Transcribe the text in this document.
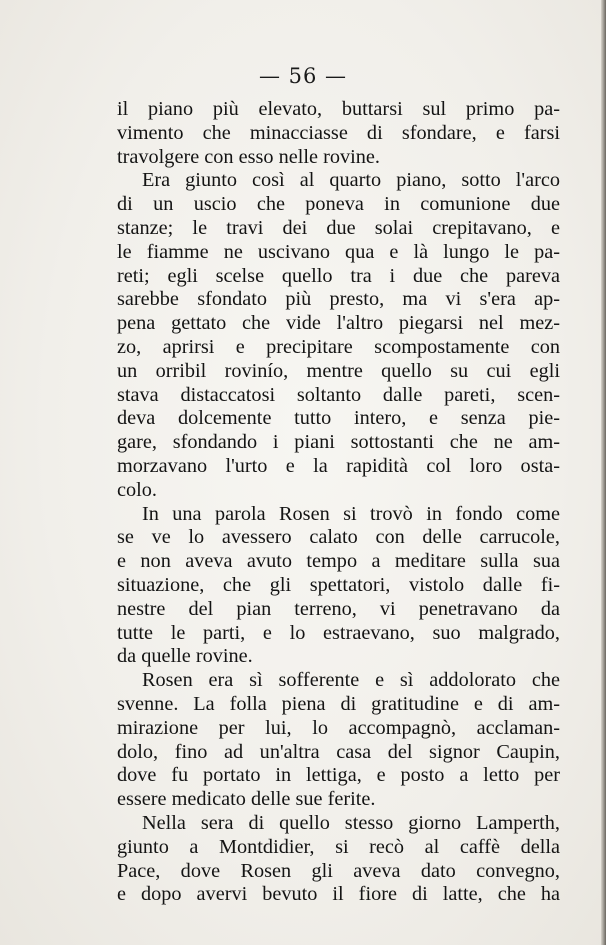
— 56 —
il piano più elevato, buttarsi sul primo pa-
vimento che minacciasse di sfondare, e farsi
travolgere con esso nelle rovine.
Era giunto così al quarto piano, sotto l'arco
di un uscio che poneva in comunione due
stanze; le travi dei due solai crepitavano, e
le fiamme ne uscivano qua e là lungo le pa-
reti; egli scelse quello tra i due che pareva
sarebbe sfondato più presto, ma vi s'era ap-
pena gettato che vide l'altro piegarsi nel mez-
zo, aprirsi e precipitare scompostamente con
un orribil rovinío, mentre quello su cui egli
stava distaccatosi soltanto dalle pareti, scen-
deva dolcemente tutto intero, e senza pie-
gare, sfondando i piani sottostanti che ne am-
morzavano l'urto e la rapidità col loro osta-
colo.
In una parola Rosen si trovò in fondo come
se ve lo avessero calato con delle carrucole,
e non aveva avuto tempo a meditare sulla sua
situazione, che gli spettatori, vistolo dalle fi-
nestre del pian terreno, vi penetravano da
tutte le parti, e lo estraevano, suo malgrado,
da quelle rovine.
Rosen era sì sofferente e sì addolorato che
svenne. La folla piena di gratitudine e di am-
mirazione per lui, lo accompagnò, acclaman-
dolo, fino ad un'altra casa del signor Caupin,
dove fu portato in lettiga, e posto a letto per
essere medicato delle sue ferite.
Nella sera di quello stesso giorno Lamperth,
giunto a Montdidier, si recò al caffè della
Pace, dove Rosen gli aveva dato convegno,
e dopo avervi bevuto il fiore di latte, che ha
